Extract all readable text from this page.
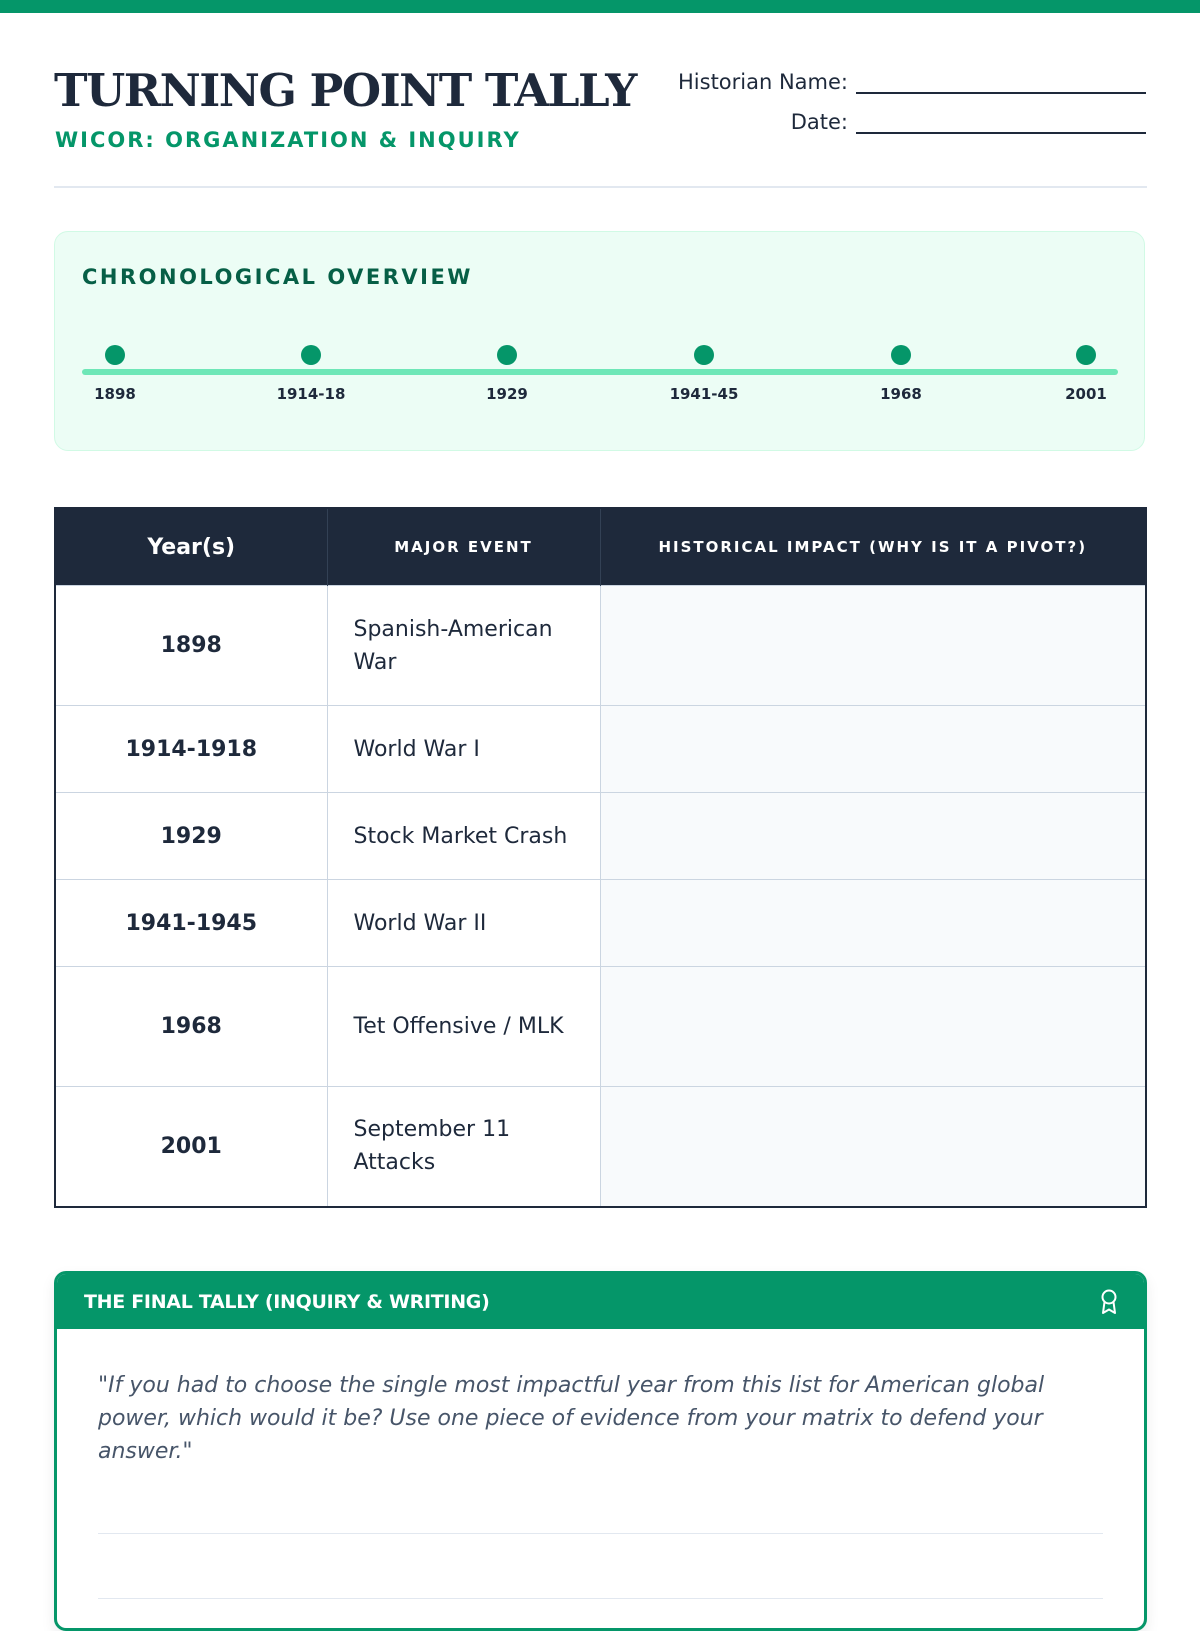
TURNING POINT TALLY
WICOR: ORGANIZATION & INQUIRY
Historian Name:
Date:
CHRONOLOGICAL OVERVIEW
1898	1914-18	1929	1941-45	1968	2001
Year(s)	MAJOR EVENT	HISTORICAL IMPACT (WHY IS IT A PIVOT?)
1898	Spanish-American War	
1914-1918	World War I	
1929	Stock Market Crash	
1941-1945	World War II	
1968	Tet Offensive / MLK	
2001	September 11 Attacks	
THE FINAL TALLY (INQUIRY & WRITING)

"If you had to choose the single most impactful year from this list for American global power, which would it be? Use one piece of evidence from your matrix to defend your answer."
